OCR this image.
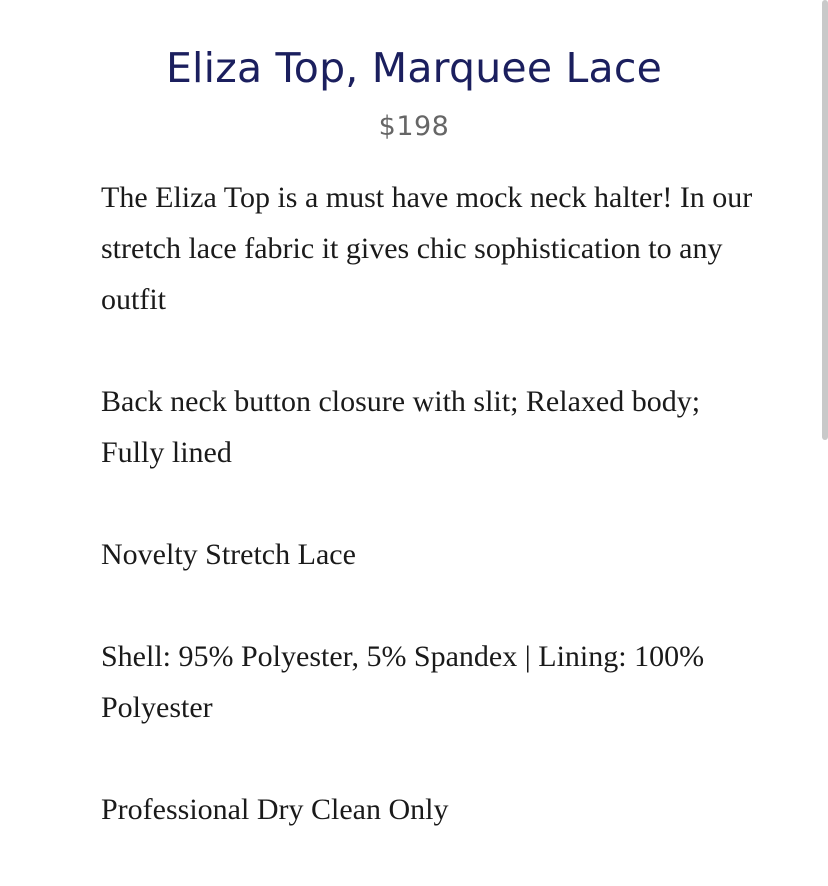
Eliza Top, Marquee Lace
$198

The Eliza Top is a must have mock neck halter! In our stretch lace fabric it gives chic sophistication to any outfit

Back neck button closure with slit; Relaxed body; Fully lined

Novelty Stretch Lace

Shell: 95% Polyester, 5% Spandex | Lining: 100% Polyester

Professional Dry Clean Only
